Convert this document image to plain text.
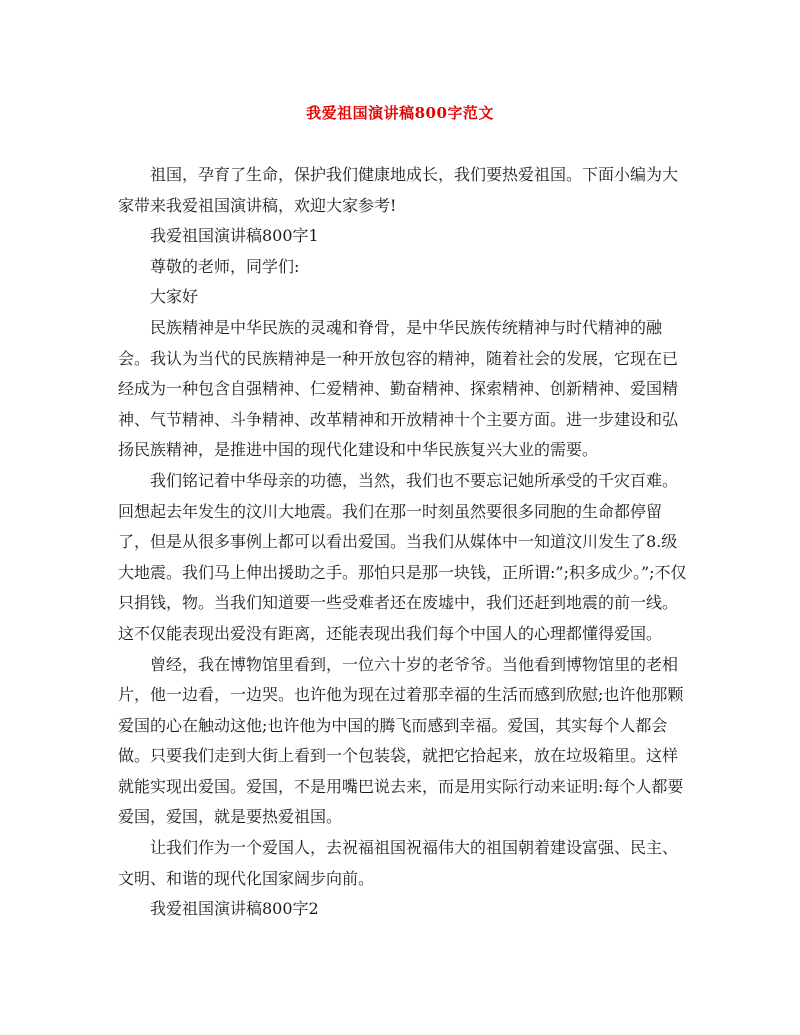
我爱祖国演讲稿800字范文

祖国，孕育了生命，保护我们健康地成长，我们要热爱祖国。下面小编为大家带来我爱祖国演讲稿，欢迎大家参考!

我爱祖国演讲稿800字1

尊敬的老师，同学们:

大家好

民族精神是中华民族的灵魂和脊骨，是中华民族传统精神与时代精神的融会。我认为当代的民族精神是一种开放包容的精神，随着社会的发展，它现在已经成为一种包含自强精神、仁爱精神、勤奋精神、探索精神、创新精神、爱国精神、气节精神、斗争精神、改革精神和开放精神十个主要方面。进一步建设和弘扬民族精神，是推进中国的现代化建设和中华民族复兴大业的需要。

我们铭记着中华母亲的功德，当然，我们也不要忘记她所承受的千灾百难。回想起去年发生的汶川大地震。我们在那一时刻虽然要很多同胞的生命都停留了，但是从很多事例上都可以看出爱国。当我们从媒体中一知道汶川发生了8.级大地震。我们马上伸出援助之手。那怕只是那一块钱，正所谓:”;积多成少。”;不仅只捐钱，物。当我们知道要一些受难者还在废墟中，我们还赶到地震的前一线。这不仅能表现出爱没有距离，还能表现出我们每个中国人的心理都懂得爱国。

曾经，我在博物馆里看到，一位六十岁的老爷爷。当他看到博物馆里的老相片，他一边看，一边哭。也许他为现在过着那幸福的生活而感到欣慰;也许他那颗爱国的心在触动这他;也许他为中国的腾飞而感到幸福。爱国，其实每个人都会做。只要我们走到大街上看到一个包装袋，就把它拾起来，放在垃圾箱里。这样就能实现出爱国。爱国，不是用嘴巴说去来，而是用实际行动来证明:每个人都要爱国，爱国，就是要热爱祖国。

让我们作为一个爱国人，去祝福祖国祝福伟大的祖国朝着建设富强、民主、文明、和谐的现代化国家阔步向前。

我爱祖国演讲稿800字2
